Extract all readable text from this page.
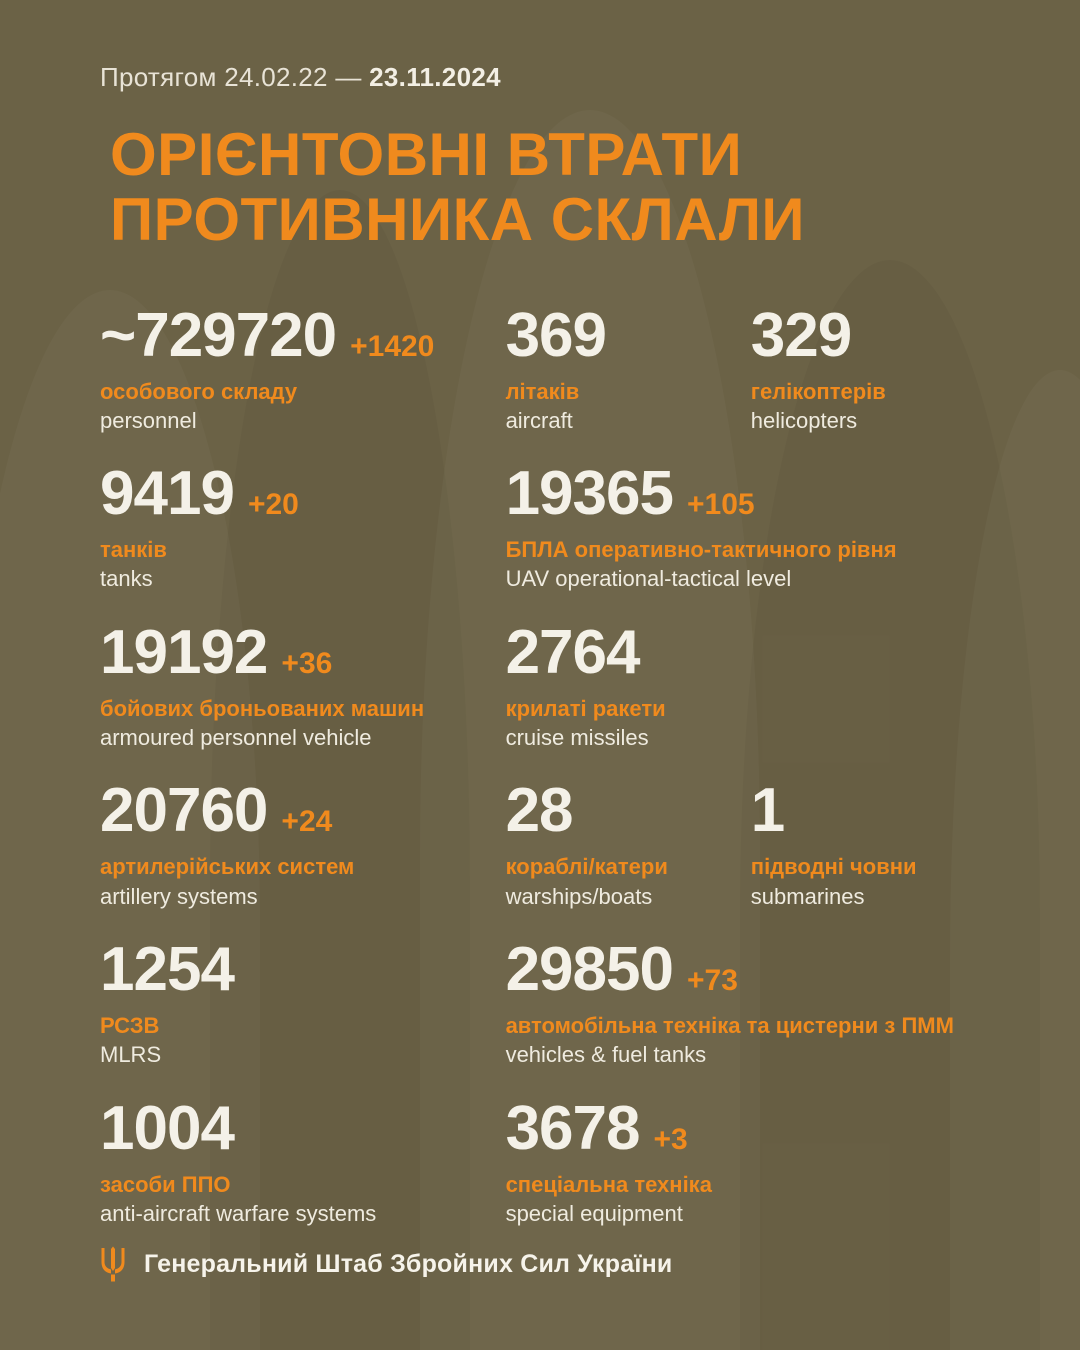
Протягом 24.02.22 — 23.11.2024
ОРІЄНТОВНІ ВТРАТИ
ПРОТИВНИКА СКЛАЛИ
~729720 +1420
особового складу
personnel
369
літаків
aircraft
329
гелікоптерів
helicopters
9419 +20
танків
tanks
19365 +105
БПЛА оперативно-тактичного рівня
UAV operational-tactical level
19192 +36
бойових броньованих машин
armoured personnel vehicle
2764
крилаті ракети
cruise missiles
20760 +24
артилерійських систем
artillery systems
28
кораблі/катери
warships/boats
1
підводні човни
submarines
1254
РСЗВ
MLRS
29850 +73
автомобільна техніка та цистерни з ПММ
vehicles & fuel tanks
1004
засоби ППО
anti-aircraft warfare systems
3678 +3
спеціальна техніка
special equipment
Генеральний Штаб Збройних Сил України
